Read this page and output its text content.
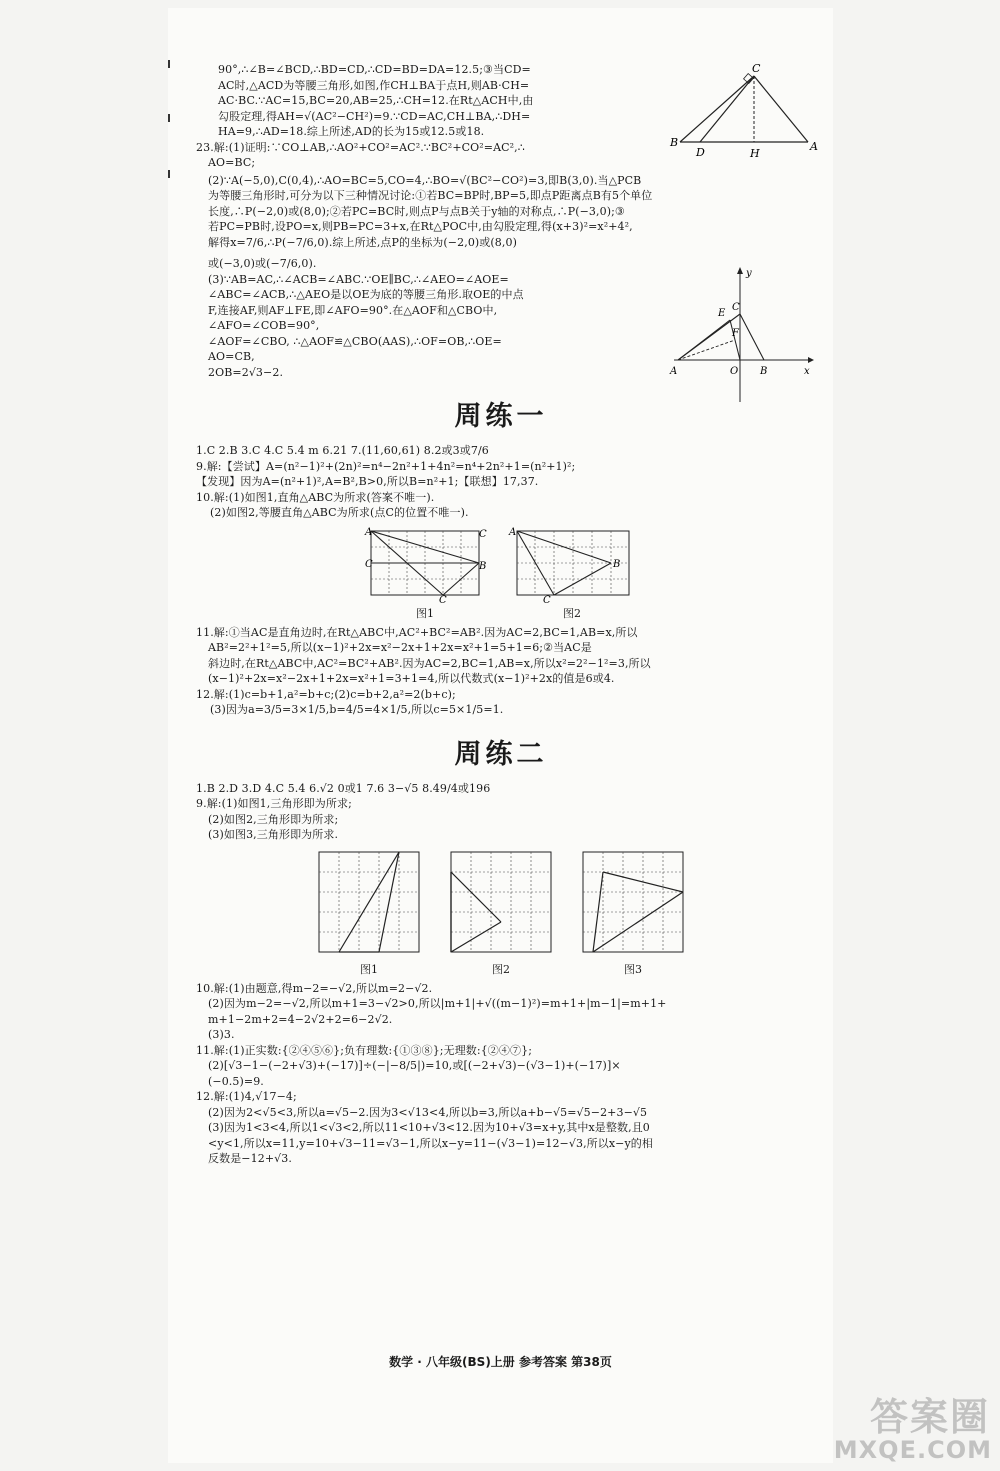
B	A
C
D	H
A	O B	x
y
C
E
F
90°,∴∠B=∠BCD,∴BD=CD,∴CD=BD=DA=12.5;③当CD=
AC时,△ACD为等腰三角形,如图,作CH⊥BA于点H,则AB·CH=
AC·BC.∵AC=15,BC=20,AB=25,∴CH=12.在Rt△ACH中,由
勾股定理,得AH=√(AC²−CH²)=9.∵CD=AC,CH⊥BA,∴DH=
HA=9,∴AD=18.综上所述,AD的长为15或12.5或18.
23.解:(1)证明:∵CO⊥AB,∴AO²+CO²=AC².∵BC²+CO²=AC²,∴
AO=BC;
(2)∵A(−5,0),C(0,4),∴AO=BC=5,CO=4,∴BO=√(BC²−CO²)=3,即B(3,0).当△PCB
为等腰三角形时,可分为以下三种情况讨论:①若BC=BP时,BP=5,即点P距离点B有5个单位
长度,∴P(−2,0)或(8,0);②若PC=BC时,则点P与点B关于y轴的对称点,∴P(−3,0);③
若PC=PB时,设PO=x,则PB=PC=3+x,在Rt△POC中,由勾股定理,得(x+3)²=x²+4²,
解得x=7/6,∴P(−7/6,0).综上所述,点P的坐标为(−2,0)或(8,0)
或(−3,0)或(−7/6,0).
(3)∵AB=AC,∴∠ACB=∠ABC.∵OE∥BC,∴∠AEO=∠AOE=
∠ABC=∠ACB,∴△AEO是以OE为底的等腰三角形.取OE的中点
F,连接AF,则AF⊥FE,即∠AFO=90°.在△AOF和△CBO中,
∠AFO=∠COB=90°,
∠AOF=∠CBO, ∴△AOF≌△CBO(AAS),∴OF=OB,∴OE=
AO=CB,
2OB=2√3−2.
周练一
1.C 2.B 3.C 4.C 5.4 m 6.21 7.(11,60,61) 8.2或3或7/6
9.解:【尝试】A=(n²−1)²+(2n)²=n⁴−2n²+1+4n²=n⁴+2n²+1=(n²+1)²;
【发现】因为A=(n²+1)²,A=B²,B>0,所以B=n²+1;【联想】17,37.
10.解:(1)如图1,直角△ABC为所求(答案不唯一).
(2)如图2,等腰直角△ABC为所求(点C的位置不唯一).
A	C
C	B
C
图1
A
B
C
图2
11.解:①当AC是直角边时,在Rt△ABC中,AC²+BC²=AB².因为AC=2,BC=1,AB=x,所以
AB²=2²+1²=5,所以(x−1)²+2x=x²−2x+1+2x=x²+1=5+1=6;②当AC是
斜边时,在Rt△ABC中,AC²=BC²+AB².因为AC=2,BC=1,AB=x,所以x²=2²−1²=3,所以
(x−1)²+2x=x²−2x+1+2x=x²+1=3+1=4,所以代数式(x−1)²+2x的值是6或4.
12.解:(1)c=b+1,a²=b+c;(2)c=b+2,a²=2(b+c);
(3)因为a=3/5=3×1/5,b=4/5=4×1/5,所以c=5×1/5=1.
周练二
1.B 2.D 3.D 4.C 5.4 6.√2 0或1 7.6 3−√5 8.49/4或196
9.解:(1)如图1,三角形即为所求;
(2)如图2,三角形即为所求;
(3)如图3,三角形即为所求.
图1	图2	图3
10.解:(1)由题意,得m−2=−√2,所以m=2−√2.
(2)因为m−2=−√2,所以m+1=3−√2>0,所以|m+1|+√((m−1)²)=m+1+|m−1|=m+1+
m+1−2m+2=4−2√2+2=6−2√2.
(3)3.
11.解:(1)正实数:{②④⑤⑥};负有理数:{①③⑧};无理数:{②④⑦};
(2)[√3−1−(−2+√3)+(−17)]÷(−|−8/5|)=10,或[(−2+√3)−(√3−1)+(−17)]×
(−0.5)=9.
12.解:(1)4,√17−4;
(2)因为2<√5<3,所以a=√5−2.因为3<√13<4,所以b=3,所以a+b−√5=√5−2+3−√5
(3)因为1<3<4,所以1<√3<2,所以11<10+√3<12.因为10+√3=x+y,其中x是整数,且0
<y<1,所以x=11,y=10+√3−11=√3−1,所以x−y=11−(√3−1)=12−√3,所以x−y的相
反数是−12+√3.
数学 · 八年级(BS)上册 参考答案 第38页
答案圈
MXQE.COM
